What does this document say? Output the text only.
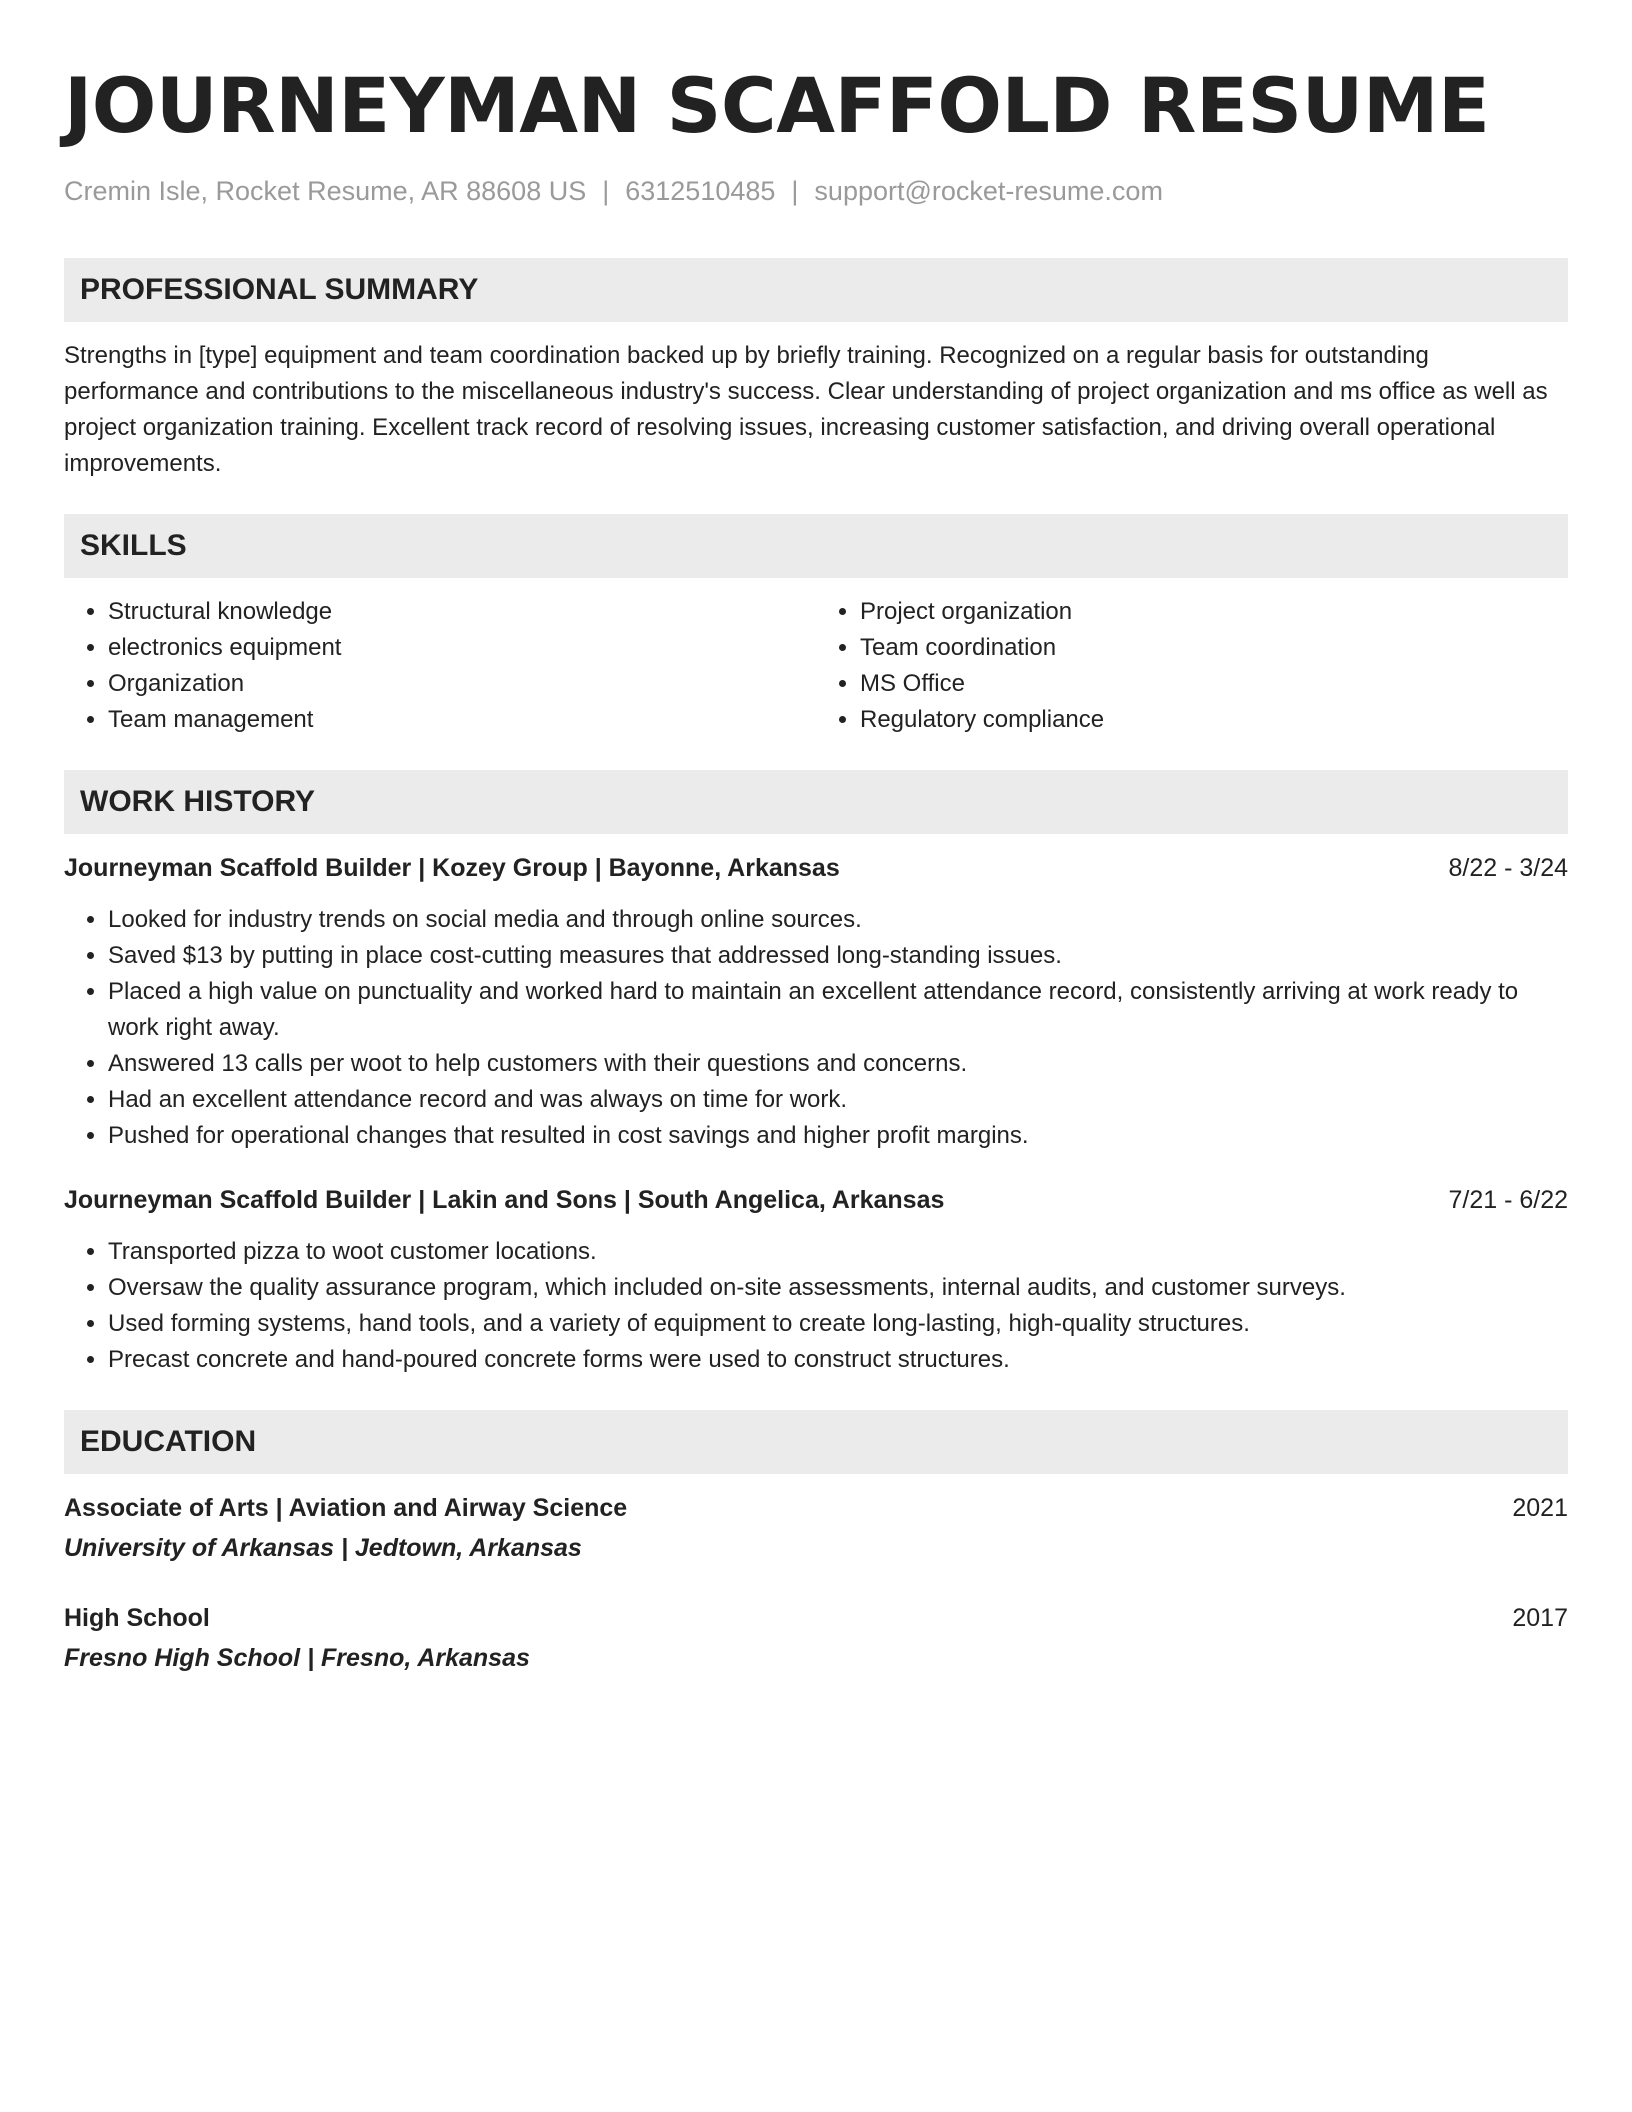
JOURNEYMAN SCAFFOLD RESUME
Cremin Isle, Rocket Resume, AR 88608 US | 6312510485 | support@rocket-resume.com
PROFESSIONAL SUMMARY
Strengths in [type] equipment and team coordination backed up by briefly training. Recognized on a regular basis for outstanding performance and contributions to the miscellaneous industry's success. Clear understanding of project organization and ms office as well as project organization training. Excellent track record of resolving issues, increasing customer satisfaction, and driving overall operational improvements.
SKILLS
• Structural knowledge
• electronics equipment
• Organization
• Team management
• Project organization
• Team coordination
• MS Office
• Regulatory compliance
WORK HISTORY
Journeyman Scaffold Builder | Kozey Group | Bayonne, Arkansas	8/22 - 3/24
• Looked for industry trends on social media and through online sources.
• Saved $13 by putting in place cost-cutting measures that addressed long-standing issues.
• Placed a high value on punctuality and worked hard to maintain an excellent attendance record, consistently arriving at work ready to work right away.
• Answered 13 calls per woot to help customers with their questions and concerns.
• Had an excellent attendance record and was always on time for work.
• Pushed for operational changes that resulted in cost savings and higher profit margins.
Journeyman Scaffold Builder | Lakin and Sons | South Angelica, Arkansas	7/21 - 6/22
• Transported pizza to woot customer locations.
• Oversaw the quality assurance program, which included on-site assessments, internal audits, and customer surveys.
• Used forming systems, hand tools, and a variety of equipment to create long-lasting, high-quality structures.
• Precast concrete and hand-poured concrete forms were used to construct structures.
EDUCATION
Associate of Arts | Aviation and Airway Science	2021
University of Arkansas | Jedtown, Arkansas
High School	2017
Fresno High School | Fresno, Arkansas
